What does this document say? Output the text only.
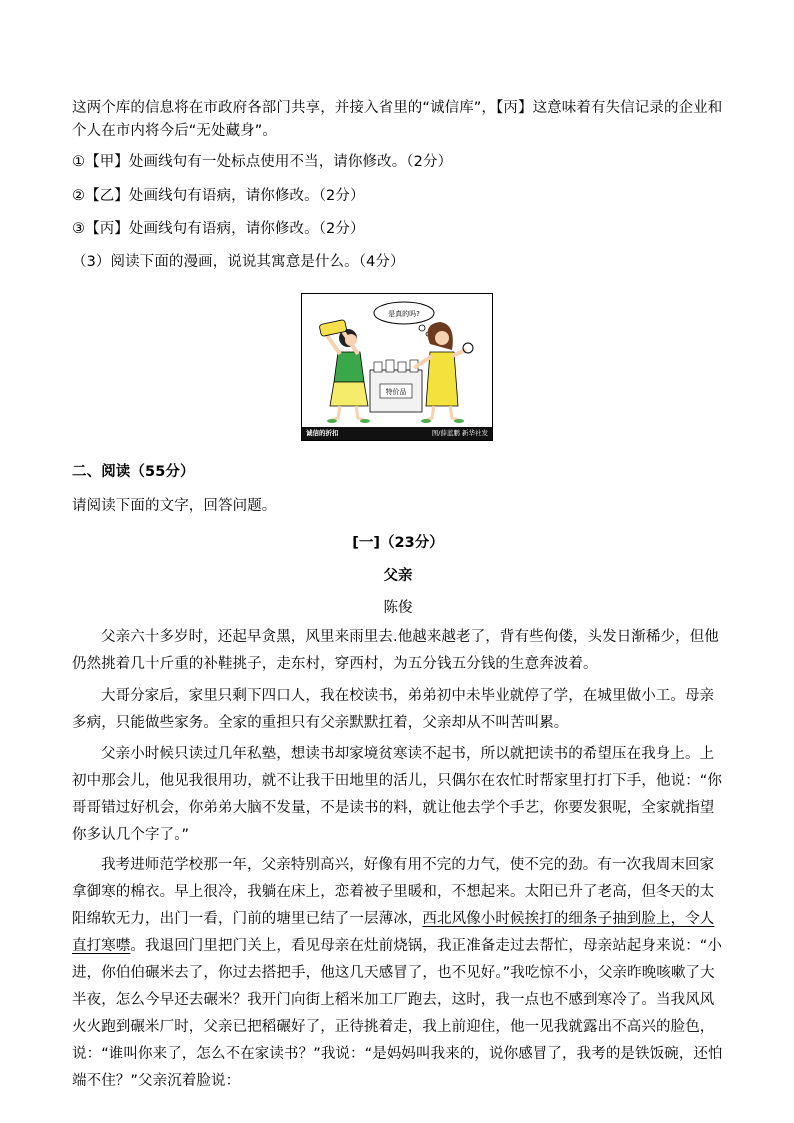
这两个库的信息将在市政府各部门共享，并接入省里的“诚信库”，【丙】这意味着有失信记录的企业和

个人在市内将今后“无处藏身”。

①【甲】处画线句有一处标点使用不当，请你修改。（2分）

②【乙】处画线句有语病，请你修改。（2分）

③【丙】处画线句有语病，请你修改。（2分）

（3）阅读下面的漫画，说说其寓意是什么。（4分）

是真的吗?
特价品
诚信的折扣	图/薛蓝鹏 新华社发

二、阅读（55分）

请阅读下面的文字，回答问题。

[一]（23分）

父亲

陈俊

父亲六十多岁时，还起早贪黑，风里来雨里去.他越来越老了，背有些佝偻，头发日渐稀少，但他仍然挑着几十斤重的补鞋挑子，走东村，穿西村，为五分钱五分钱的生意奔波着。

大哥分家后，家里只剩下四口人，我在校读书，弟弟初中未毕业就停了学，在城里做小工。母亲多病，只能做些家务。全家的重担只有父亲默默扛着，父亲却从不叫苦叫累。

父亲小时候只读过几年私塾，想读书却家境贫寒读不起书，所以就把读书的希望压在我身上。上初中那会儿，他见我很用功，就不让我干田地里的活儿，只偶尔在农忙时帮家里打打下手，他说：“你哥哥错过好机会，你弟弟大脑不发量，不是读书的料，就让他去学个手艺，你要发狠呢，全家就指望你多认几个字了。”

我考进师范学校那一年，父亲特别高兴，好像有用不完的力气，使不完的劲。有一次我周末回家拿御寒的棉衣。早上很冷，我躺在床上，恋着被子里暖和，不想起来。太阳已升了老高，但冬天的太阳绵软无力，出门一看，门前的塘里已结了一层薄冰，西北风像小时候挨打的细条子抽到脸上，令人直打寒噤。我退回门里把门关上，看见母亲在灶前烧锅，我正准备走过去帮忙，母亲站起身来说：“小进，你伯伯碾米去了，你过去搭把手，他这几天感冒了，也不见好。”我吃惊不小，父亲昨晚咳嗽了大半夜，怎么今早还去碾米？我开门向街上稻米加工厂跑去，这时，我一点也不感到寒冷了。当我风风火火跑到碾米厂时，父亲已把稻碾好了，正待挑着走，我上前迎住，他一见我就露出不高兴的脸色，说：“谁叫你来了，怎么不在家读书？”我说：“是妈妈叫我来的，说你感冒了，我考的是铁饭碗，还怕端不住？”父亲沉着脸说：
